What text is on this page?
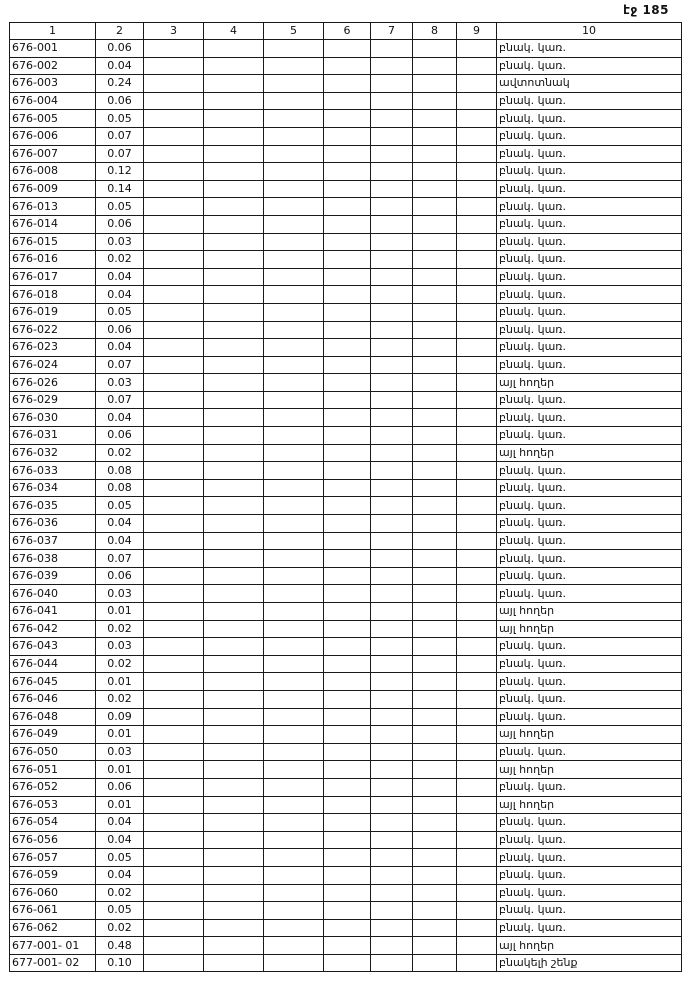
էջ 185
1	2	3	4	5	6	7	8	9	10
676-001	0.06								բնակ. կառ.
676-002	0.04								բնակ. կառ.
676-003	0.24								ավտոտնակ
676-004	0.06								բնակ. կառ.
676-005	0.05								բնակ. կառ.
676-006	0.07								բնակ. կառ.
676-007	0.07								բնակ. կառ.
676-008	0.12								բնակ. կառ.
676-009	0.14								բնակ. կառ.
676-013	0.05								բնակ. կառ.
676-014	0.06								բնակ. կառ.
676-015	0.03								բնակ. կառ.
676-016	0.02								բնակ. կառ.
676-017	0.04								բնակ. կառ.
676-018	0.04								բնակ. կառ.
676-019	0.05								բնակ. կառ.
676-022	0.06								բնակ. կառ.
676-023	0.04								բնակ. կառ.
676-024	0.07								բնակ. կառ.
676-026	0.03								այլ հողեր
676-029	0.07								բնակ. կառ.
676-030	0.04								բնակ. կառ.
676-031	0.06								բնակ. կառ.
676-032	0.02								այլ հողեր
676-033	0.08								բնակ. կառ.
676-034	0.08								բնակ. կառ.
676-035	0.05								բնակ. կառ.
676-036	0.04								բնակ. կառ.
676-037	0.04								բնակ. կառ.
676-038	0.07								բնակ. կառ.
676-039	0.06								բնակ. կառ.
676-040	0.03								բնակ. կառ.
676-041	0.01								այլ հողեր
676-042	0.02								այլ հողեր
676-043	0.03								բնակ. կառ.
676-044	0.02								բնակ. կառ.
676-045	0.01								բնակ. կառ.
676-046	0.02								բնակ. կառ.
676-048	0.09								բնակ. կառ.
676-049	0.01								այլ հողեր
676-050	0.03								բնակ. կառ.
676-051	0.01								այլ հողեր
676-052	0.06								բնակ. կառ.
676-053	0.01								այլ հողեր
676-054	0.04								բնակ. կառ.
676-056	0.04								բնակ. կառ.
676-057	0.05								բնակ. կառ.
676-059	0.04								բնակ. կառ.
676-060	0.02								բնակ. կառ.
676-061	0.05								բնակ. կառ.
676-062	0.02								բնակ. կառ.
677-001- 01	0.48								այլ հողեր
677-001- 02	0.10								բնակելի շենք
